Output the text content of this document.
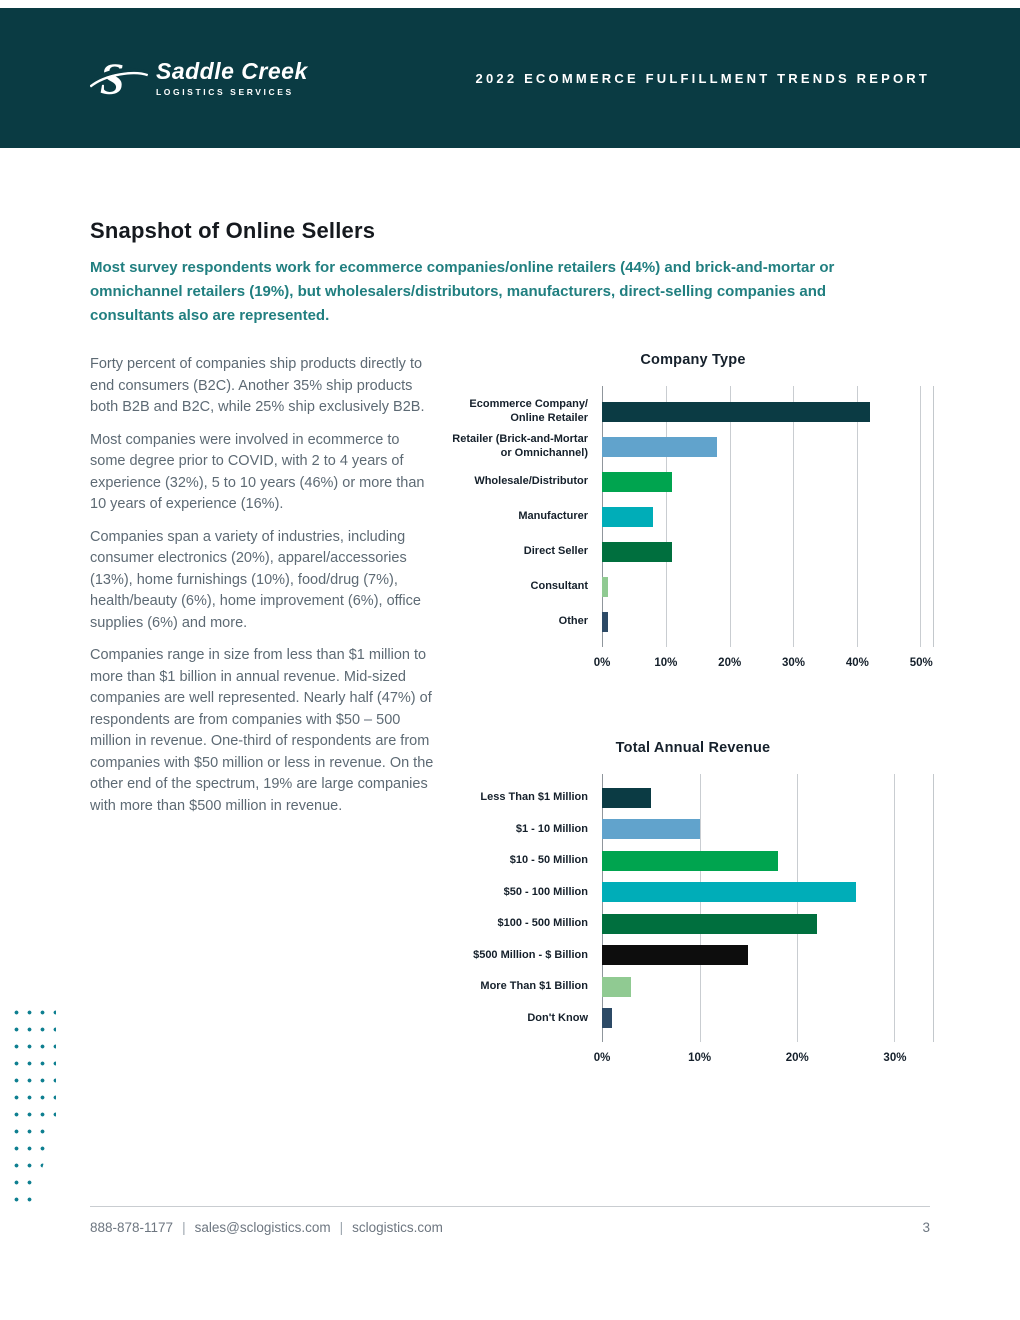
S Saddle Creek
LOGISTICS SERVICES
2022 ECOMMERCE FULFILLMENT TRENDS REPORT
Snapshot of Online Sellers
Most survey respondents work for ecommerce companies/online retailers (44%) and brick-and-mortar or omnichannel retailers (19%), but wholesalers/distributors, manufacturers, direct-selling companies and consultants also are represented.

Forty percent of companies ship products directly to end consumers (B2C). Another 35% ship products both B2B and B2C, while 25% ship exclusively B2B.

Most companies were involved in ecommerce to some degree prior to COVID, with 2 to 4 years of experience (32%), 5 to 10 years (46%) or more than 10 years of experience (16%).

Companies span a variety of industries, including consumer electronics (20%), apparel/accessories (13%), home furnishings (10%), food/drug (7%), health/beauty (6%), home improvement (6%), office supplies (6%) and more.

Companies range in size from less than $1 million to more than $1 billion in annual revenue. Mid-sized companies are well represented. Nearly half (47%) of respondents are from companies with $50 – 500 million in revenue. One-third of respondents are from companies with $50 million or less in revenue. On the other end of the spectrum, 19% are large companies with more than $500 million in revenue.

Company Type
Ecommerce Company/ Online Retailer
Retailer (Brick-and-Mortar or Omnichannel)
Wholesale/Distributor
Manufacturer
Direct Seller
Consultant
Other
0%	10%	20%	30%	40%	50%
Total Annual Revenue
Less Than $1 Million
$1 - 10 Million
$10 - 50 Million
$50 - 100 Million
$100 - 500 Million
$500 Million - $ Billion
More Than $1 Billion
Don't Know
0%	10%	20%	30%
888-878-1177 | sales@sclogistics.com | sclogistics.com	3
